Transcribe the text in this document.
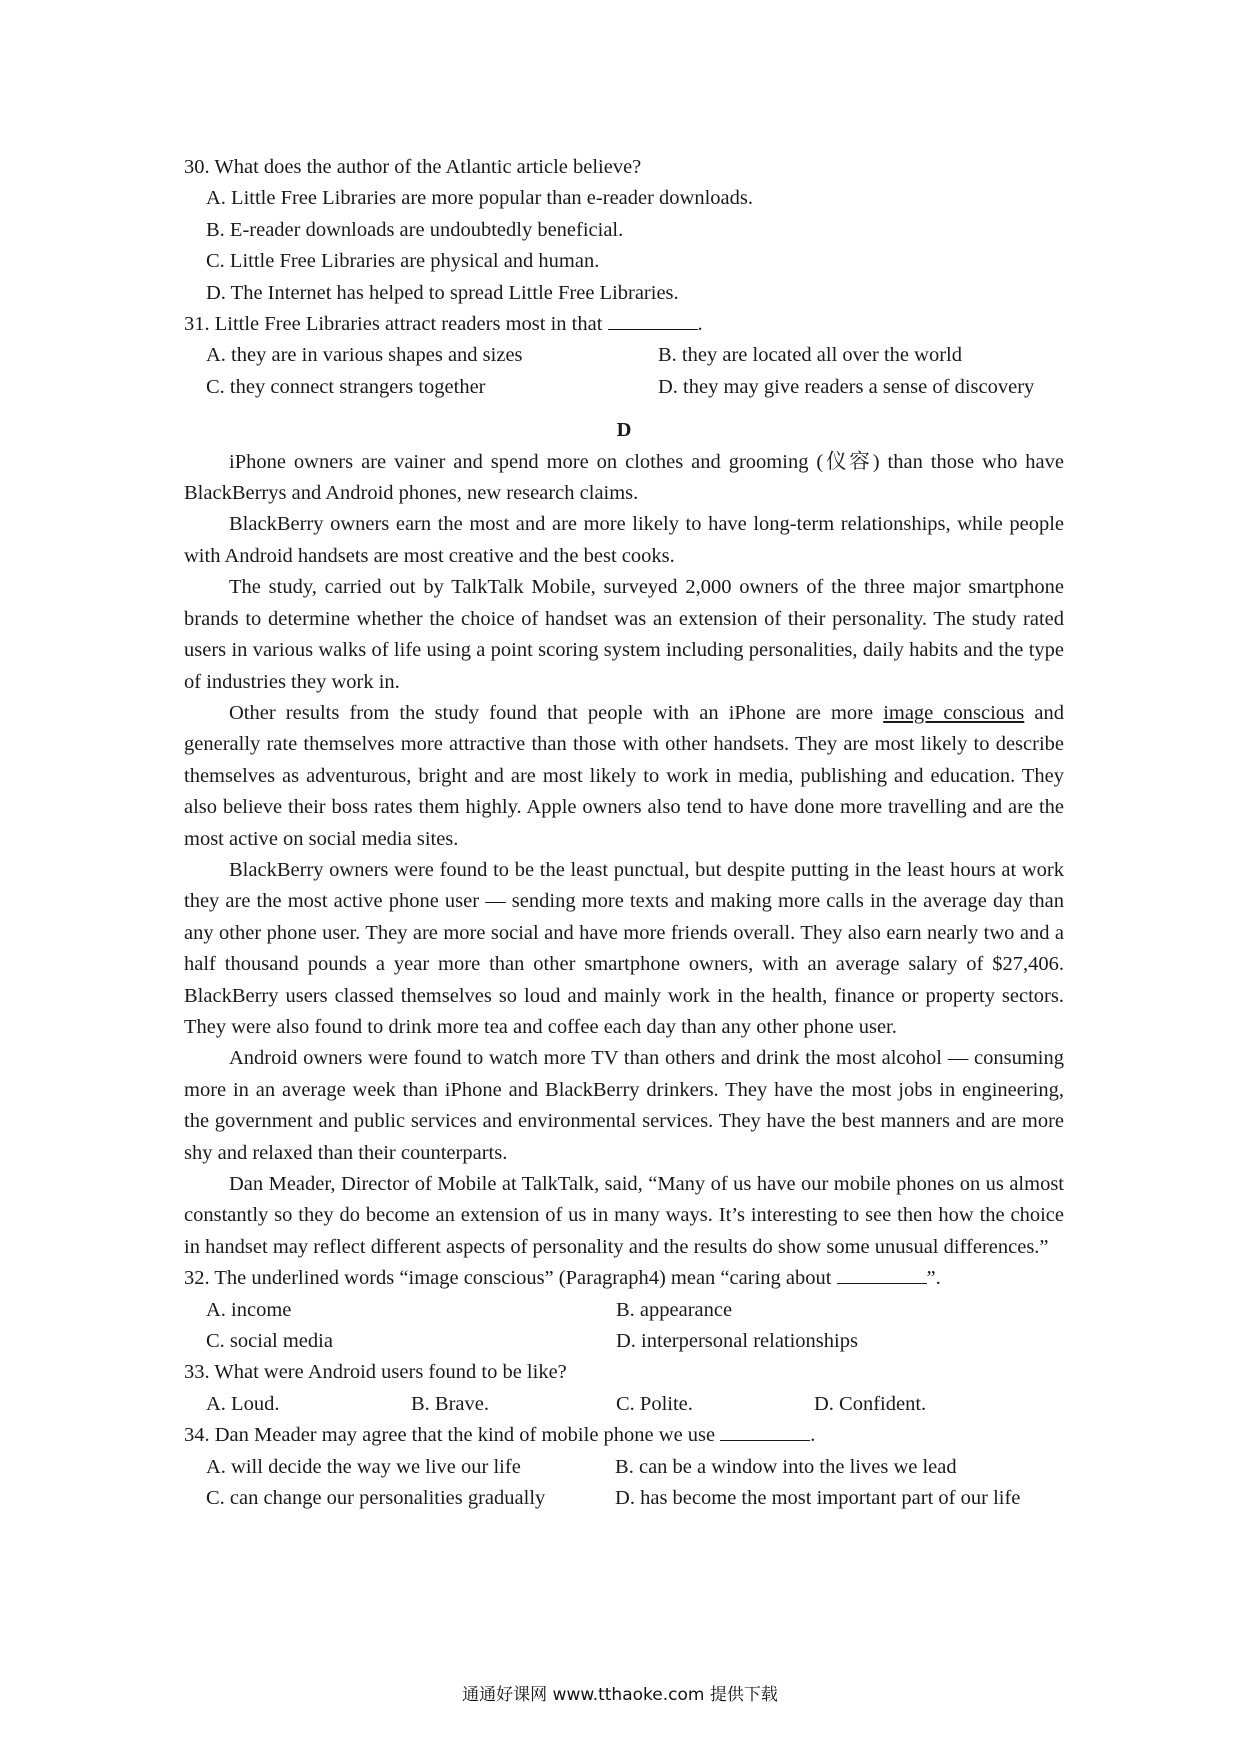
30. What does the author of the Atlantic article believe?
A. Little Free Libraries are more popular than e-reader downloads.
B. E-reader downloads are undoubtedly beneficial.
C. Little Free Libraries are physical and human.
D. The Internet has helped to spread Little Free Libraries.
31. Little Free Libraries attract readers most in that	.
A. they are in various shapes and sizes	B. they are located all over the world
C. they connect strangers together	D. they may give readers a sense of discovery
D

iPhone owners are vainer and spend more on clothes and grooming (仪容) than those who have BlackBerrys and Android phones, new research claims.

BlackBerry owners earn the most and are more likely to have long-term relationships, while people with Android handsets are most creative and the best cooks.

The study, carried out by TalkTalk Mobile, surveyed 2,000 owners of the three major smartphone brands to determine whether the choice of handset was an extension of their personality. The study rated users in various walks of life using a point scoring system including personalities, daily habits and the type of industries they work in.

Other results from the study found that people with an iPhone are more image conscious and generally rate themselves more attractive than those with other handsets. They are most likely to describe themselves as adventurous, bright and are most likely to work in media, publishing and education. They also believe their boss rates them highly. Apple owners also tend to have done more travelling and are the most active on social media sites.

BlackBerry owners were found to be the least punctual, but despite putting in the least hours at work they are the most active phone user — sending more texts and making more calls in the average day than any other phone user. They are more social and have more friends overall. They also earn nearly two and a half thousand pounds a year more than other smartphone owners, with an average salary of $27,406. BlackBerry users classed themselves so loud and mainly work in the health, finance or property sectors. They were also found to drink more tea and coffee each day than any other phone user.

Android owners were found to watch more TV than others and drink the most alcohol — consuming more in an average week than iPhone and BlackBerry drinkers. They have the most jobs in engineering, the government and public services and environmental services. They have the best manners and are more shy and relaxed than their counterparts.

Dan Meader, Director of Mobile at TalkTalk, said, “Many of us have our mobile phones on us almost constantly so they do become an extension of us in many ways. It’s interesting to see then how the choice in handset may reflect different aspects of personality and the results do show some unusual differences.”

32. The underlined words “image conscious” (Paragraph4) mean “caring about	”.
A. income	B. appearance
C. social media	D. interpersonal relationships
33. What were Android users found to be like?
A. Loud.	B. Brave.	C. Polite.	D. Confident.
34. Dan Meader may agree that the kind of mobile phone we use	.
A. will decide the way we live our life	B. can be a window into the lives we lead
C. can change our personalities gradually	D. has become the most important part of our life
通通好课网 www.tthaoke.com 提供下载
